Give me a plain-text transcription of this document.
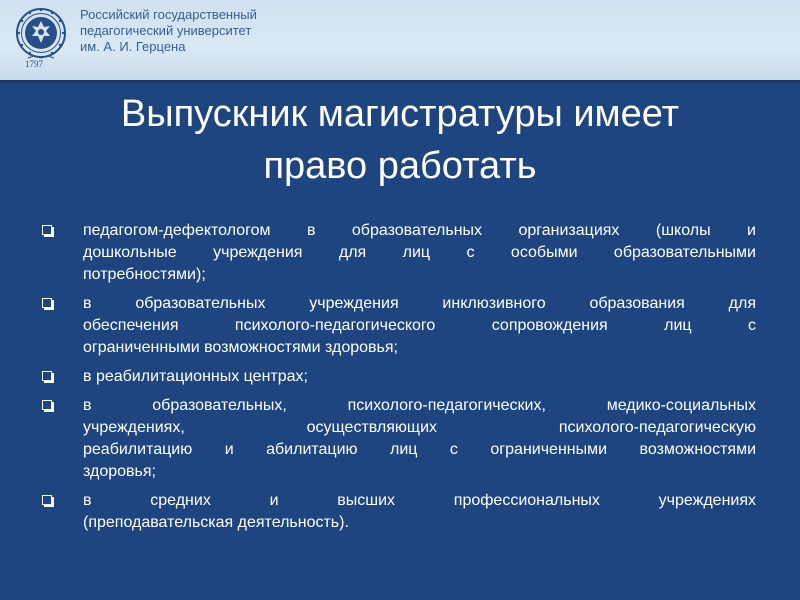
1797
Российский государственный
педагогический университет
им. А. И. Герцена
Выпускник магистратуры имеет
право работать
педагогом-дефектологом в образовательных организациях (школы и
дошкольные учреждения для лиц с особыми образовательными
потребностями);
в образовательных учреждения инклюзивного образования для
обеспечения психолого-педагогического сопровождения лиц с
ограниченными возможностями здоровья;
в реабилитационных центрах;
в образовательных, психолого-педагогических, медико-социальных
учреждениях, осуществляющих психолого-педагогическую
реабилитацию и абилитацию лиц с ограниченными возможностями
здоровья;
в средних и высших профессиональных учреждениях
(преподавательская деятельность).
